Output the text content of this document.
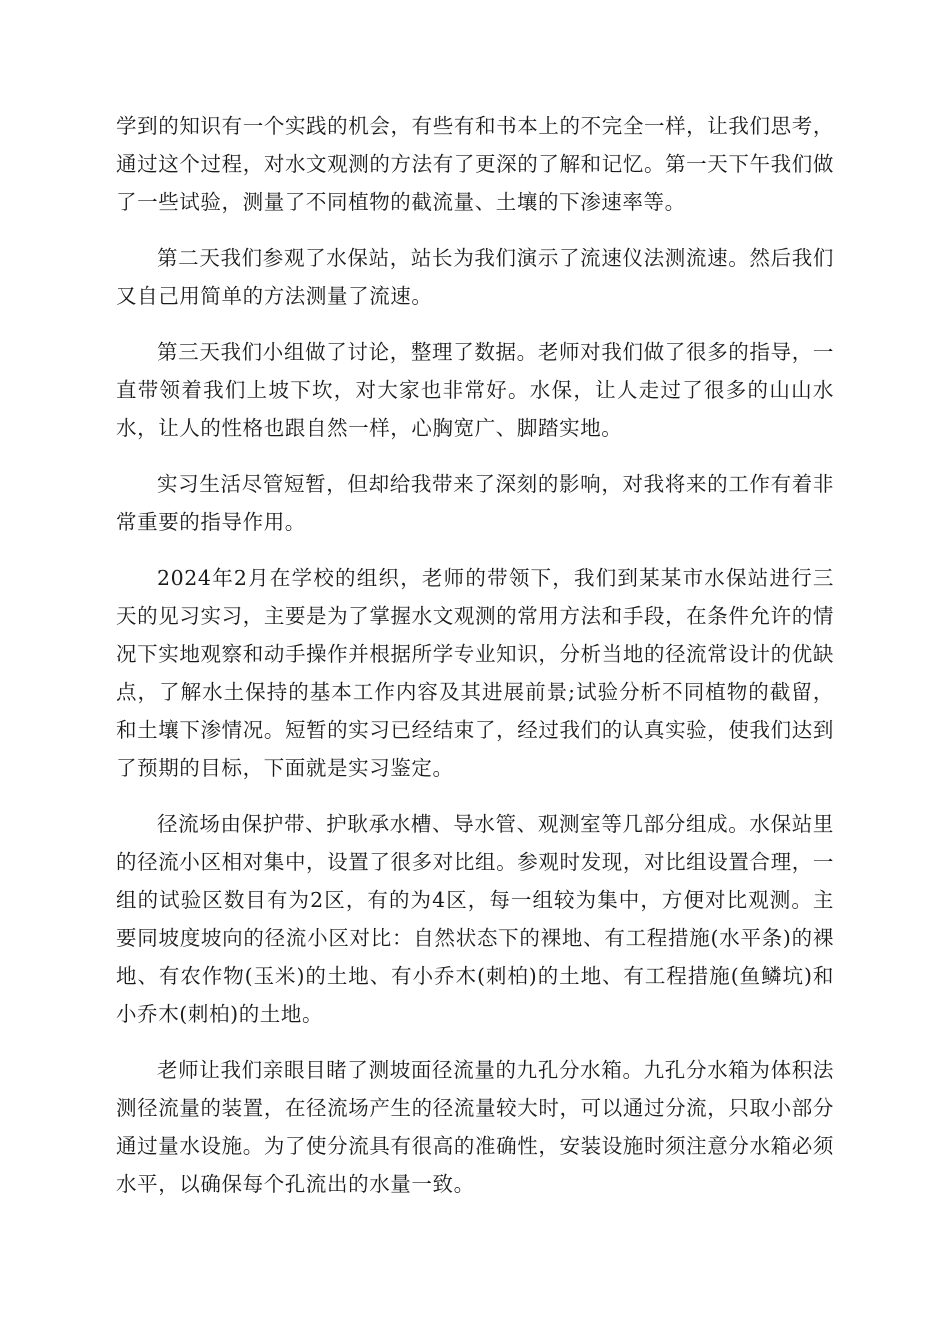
学到的知识有一个实践的机会，有些有和书本上的不完全一样，让我们思考，通过这个过程，对水文观测的方法有了更深的了解和记忆。第一天下午我们做了一些试验，测量了不同植物的截流量、土壤的下渗速率等。

第二天我们参观了水保站，站长为我们演示了流速仪法测流速。然后我们又自己用简单的方法测量了流速。

第三天我们小组做了讨论，整理了数据。老师对我们做了很多的指导，一直带领着我们上坡下坎，对大家也非常好。水保，让人走过了很多的山山水水，让人的性格也跟自然一样，心胸宽广、脚踏实地。

实习生活尽管短暂，但却给我带来了深刻的影响，对我将来的工作有着非常重要的指导作用。

2024年2月在学校的组织，老师的带领下，我们到某某市水保站进行三天的见习实习，主要是为了掌握水文观测的常用方法和手段，在条件允许的情况下实地观察和动手操作并根据所学专业知识，分析当地的径流常设计的优缺点，了解水土保持的基本工作内容及其进展前景;试验分析不同植物的截留，和土壤下渗情况。短暂的实习已经结束了，经过我们的认真实验，使我们达到了预期的目标，下面就是实习鉴定。

径流场由保护带、护耿承水槽、导水管、观测室等几部分组成。水保站里的径流小区相对集中，设置了很多对比组。参观时发现，对比组设置合理，一组的试验区数目有为2区，有的为4区，每一组较为集中，方便对比观测。主要同坡度坡向的径流小区对比：自然状态下的裸地、有工程措施(水平条)的裸地、有农作物(玉米)的土地、有小乔木(刺柏)的土地、有工程措施(鱼鳞坑)和小乔木(刺柏)的土地。

老师让我们亲眼目睹了测坡面径流量的九孔分水箱。九孔分水箱为体积法测径流量的装置，在径流场产生的径流量较大时，可以通过分流，只取小部分通过量水设施。为了使分流具有很高的准确性，安装设施时须注意分水箱必须水平，以确保每个孔流出的水量一致。
